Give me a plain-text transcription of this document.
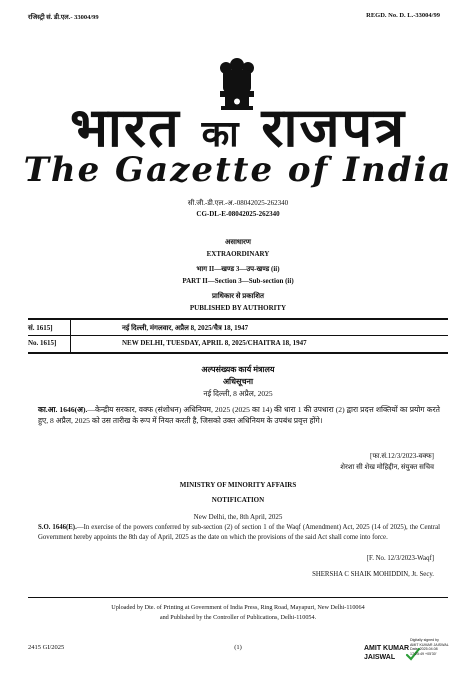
रजिस्ट्री सं. डी.एल.- 33004/99	REGD. No. D. L.-33004/99
भारत का राजपत्र
The Gazette of India
सी.जी.-डी.एल.-अ.-08042025-262340
CG-DL-E-08042025-262340
असाधारण
EXTRAORDINARY
भाग II—खण्ड 3—उप-खण्ड (ii)
PART II—Section 3—Sub-section (ii)
प्राधिकार से प्रकाशित
PUBLISHED BY AUTHORITY
सं. 1615]	नई दिल्ली, मंगलवार, अप्रैल 8, 2025/चैत्र 18, 1947
No. 1615]	NEW DELHI, TUESDAY, APRIL 8, 2025/CHAITRA 18, 1947
अल्पसंख्यक कार्य मंत्रालय
अधिसूचना
नई दिल्ली, 8 अप्रैल, 2025
का.आ. 1646(अ).—केन्द्रीय सरकार, वक्फ (संशोधन) अधिनियम, 2025 (2025 का 14) की धारा 1 की उपधारा (2) द्वारा प्रदत्त शक्तियों का प्रयोग करते हुए, 8 अप्रैल, 2025 को उस तारीख के रूप में नियत करती है, जिसको उक्त अधिनियम के उपबंध प्रवृत्त होंगे।
[फा.सं.12/3/2023-वक्फ]
शेरशा सी शेख मोहिद्दीन, संयुक्त सचिव
MINISTRY OF MINORITY AFFAIRS
NOTIFICATION
New Delhi, the, 8th April, 2025
S.O. 1646(E).—In exercise of the powers conferred by sub-section (2) of section 1 of the Waqf (Amendment) Act, 2025 (14 of 2025), the Central Government hereby appoints the 8th day of April, 2025 as the date on which the provisions of the said Act shall come into force.
[F. No. 12/3/2023-Waqf]
SHERSHA C SHAIK MOHIDDIN, Jt. Secy.
Uploaded by Dte. of Printing at Government of India Press, Ring Road, Mayapuri, New Delhi-110064
and Published by the Controller of Publications, Delhi-110054.
2415 GI/2025	(1)	AMIT KUMAR
JAISWAL
Digitally signed by
AMIT KUMAR JAISWAL
Date: 2025.04.08
17:25:49 +05'30'
